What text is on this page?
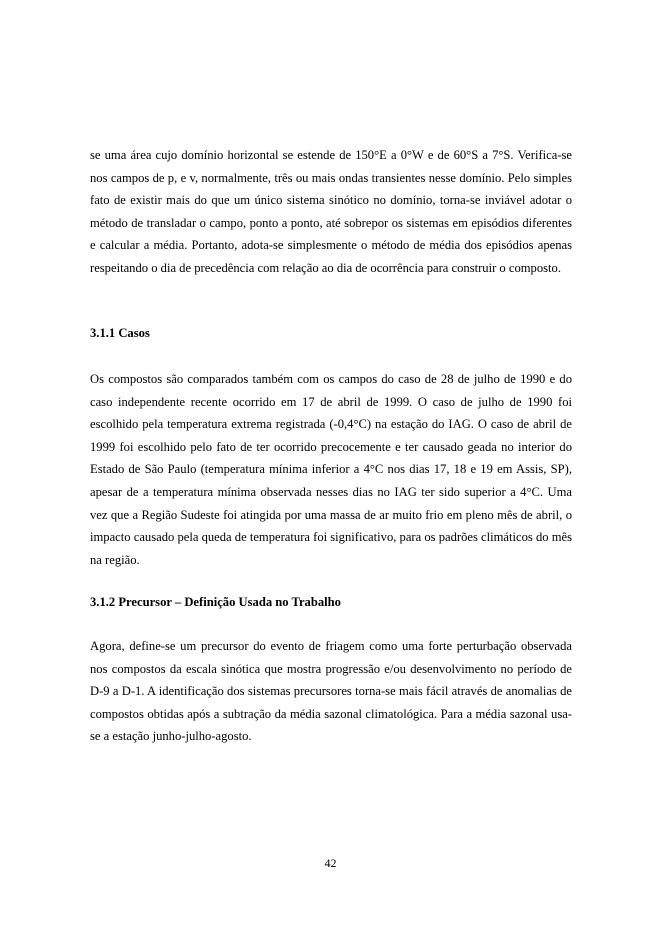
se uma área cujo domínio horizontal se estende de 150°E a 0°W e de 60°S a 7°S. Verifica-se nos campos de p, e v, normalmente, três ou mais ondas transientes nesse domínio. Pelo simples fato de existir mais do que um único sistema sinótico no domínio, torna-se inviável adotar o método de transladar o campo, ponto a ponto, até sobrepor os sistemas em episódios diferentes e calcular a média. Portanto, adota-se simplesmente o método de média dos episódios apenas respeitando o dia de precedência com relação ao dia de ocorrência para construir o composto.

3.1.1 Casos

Os compostos são comparados também com os campos do caso de 28 de julho de 1990 e do caso independente recente ocorrido em 17 de abril de 1999. O caso de julho de 1990 foi escolhido pela temperatura extrema registrada (-0,4°C) na estação do IAG. O caso de abril de 1999 foi escolhido pelo fato de ter ocorrido precocemente e ter causado geada no interior do Estado de São Paulo (temperatura mínima inferior a 4°C nos dias 17, 18 e 19 em Assis, SP), apesar de a temperatura mínima observada nesses dias no IAG ter sido superior a 4°C. Uma vez que a Região Sudeste foi atingida por uma massa de ar muito frio em pleno mês de abril, o impacto causado pela queda de temperatura foi significativo, para os padrões climáticos do mês na região.

3.1.2 Precursor – Definição Usada no Trabalho

Agora, define-se um precursor do evento de friagem como uma forte perturbação observada nos compostos da escala sinótica que mostra progressão e/ou desenvolvimento no período de D-9 a D-1. A identificação dos sistemas precursores torna-se mais fácil através de anomalias de compostos obtidas após a subtração da média sazonal climatológica. Para a média sazonal usa-se a estação junho-julho-agosto.

42
